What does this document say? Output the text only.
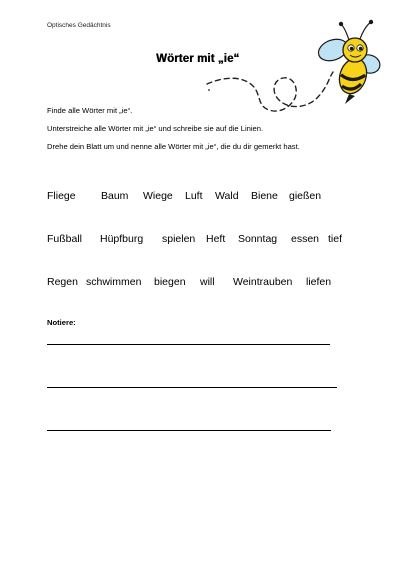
Optisches Gedächtnis
Wörter mit „ie“
Finde alle Wörter mit „ie“.
Unterstreiche alle Wörter mit „ie“ und schreibe sie auf die Linien.
Drehe dein Blatt um und nenne alle Wörter mit „ie“, die du dir gemerkt hast.
Fliege Baum Wiege Luft Wald Biene gießen
Fußball Hüpfburg spielen Heft Sonntag essen tief
Regen schwimmen biegen will Weintrauben liefen
Notiere:
